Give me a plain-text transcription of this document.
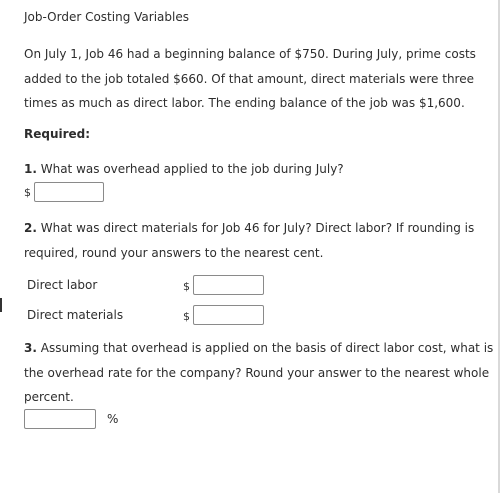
Job-Order Costing Variables
On July 1, Job 46 had a beginning balance of $750. During July, prime costs added to the job totaled $660. Of that amount, direct materials were three times as much as direct labor. The ending balance of the job was $1,600.
Required:
1. What was overhead applied to the job during July?
$
2. What was direct materials for Job 46 for July? Direct labor? If rounding is required, round your answers to the nearest cent.
Direct labor	$
Direct materials	$
3. Assuming that overhead is applied on the basis of direct labor cost, what is the overhead rate for the company? Round your answer to the nearest whole percent.
%
